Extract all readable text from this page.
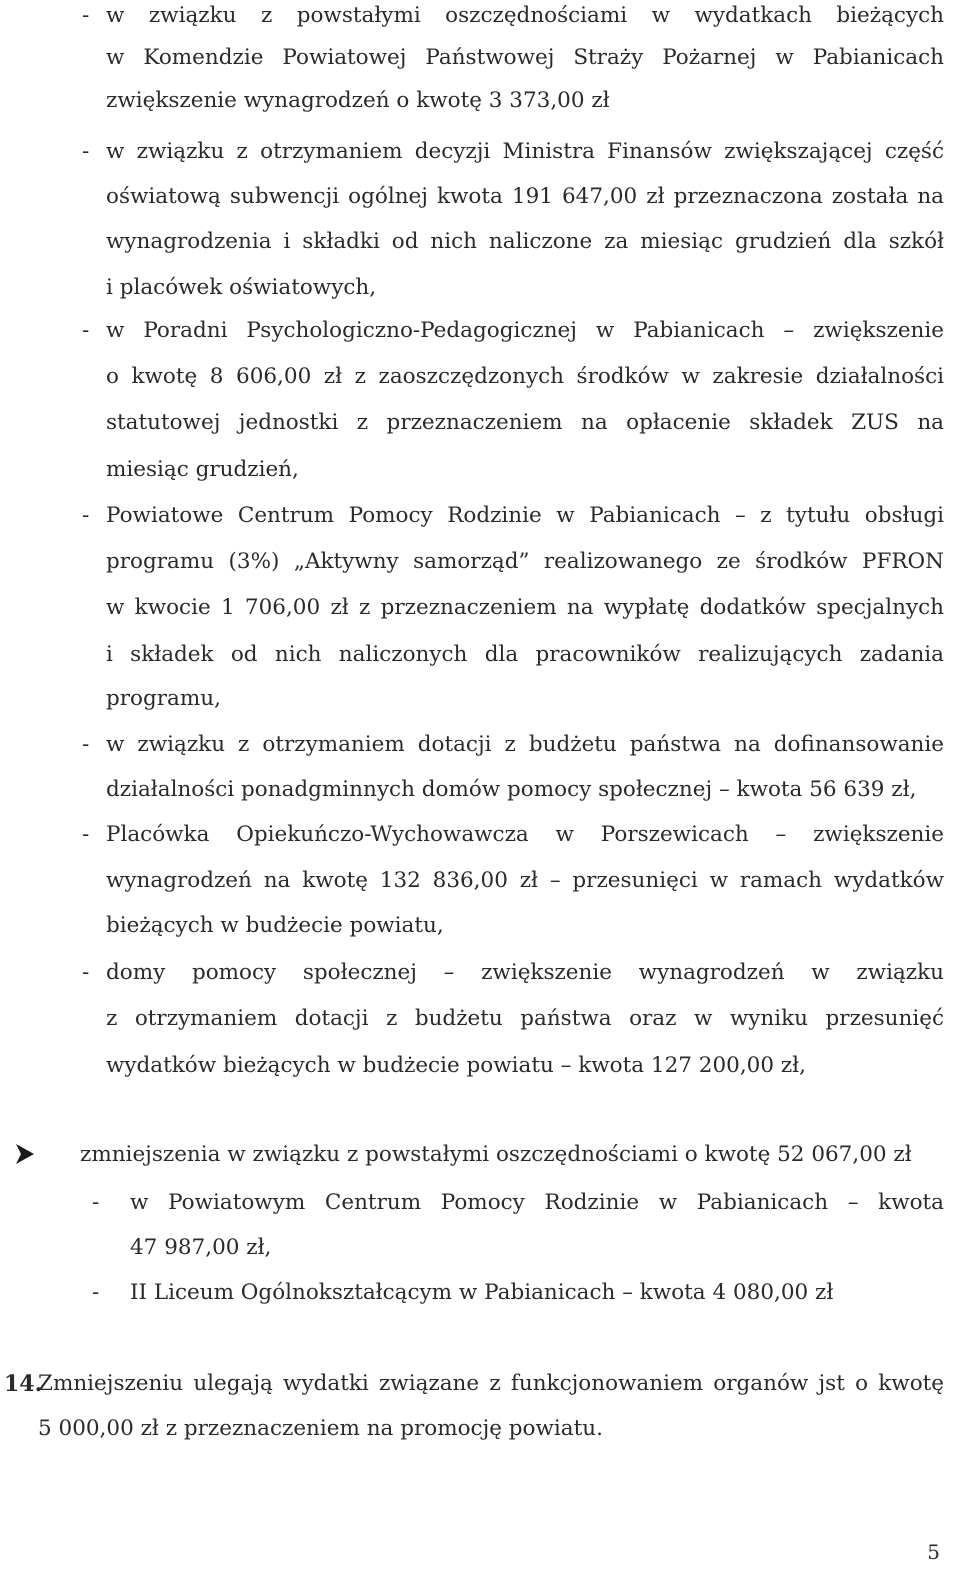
- w związku z powstałymi oszczędnościami w wydatkach bieżących
w Komendzie Powiatowej Państwowej Straży Pożarnej w Pabianicach
zwiększenie wynagrodzeń o kwotę 3 373,00 zł
- w związku z otrzymaniem decyzji Ministra Finansów zwiększającej część
oświatową subwencji ogólnej kwota 191 647,00 zł przeznaczona została na
wynagrodzenia i składki od nich naliczone za miesiąc grudzień dla szkół
i placówek oświatowych,
- w Poradni Psychologiczno-Pedagogicznej w Pabianicach – zwiększenie
o kwotę 8 606,00 zł z zaoszczędzonych środków w zakresie działalności
statutowej jednostki z przeznaczeniem na opłacenie składek ZUS na
miesiąc grudzień,
- Powiatowe Centrum Pomocy Rodzinie w Pabianicach – z tytułu obsługi
programu (3%) „Aktywny samorząd” realizowanego ze środków PFRON
w kwocie 1 706,00 zł z przeznaczeniem na wypłatę dodatków specjalnych
i składek od nich naliczonych dla pracowników realizujących zadania
programu,
- w związku z otrzymaniem dotacji z budżetu państwa na dofinansowanie
działalności ponadgminnych domów pomocy społecznej – kwota 56 639 zł,
- Placówka Opiekuńczo-Wychowawcza w Porszewicach – zwiększenie
wynagrodzeń na kwotę 132 836,00 zł – przesunięci w ramach wydatków
bieżących w budżecie powiatu,
- domy pomocy społecznej – zwiększenie wynagrodzeń w związku
z otrzymaniem dotacji z budżetu państwa oraz w wyniku przesunięć
wydatków bieżących w budżecie powiatu – kwota 127 200,00 zł,
zmniejszenia w związku z powstałymi oszczędnościami o kwotę 52 067,00 zł
- w Powiatowym Centrum Pomocy Rodzinie w Pabianicach – kwota
47 987,00 zł,
- II Liceum Ogólnokształcącym w Pabianicach – kwota 4 080,00 zł
14.
Zmniejszeniu ulegają wydatki związane z funkcjonowaniem organów jst o kwotę
5 000,00 zł z przeznaczeniem na promocję powiatu.
5
